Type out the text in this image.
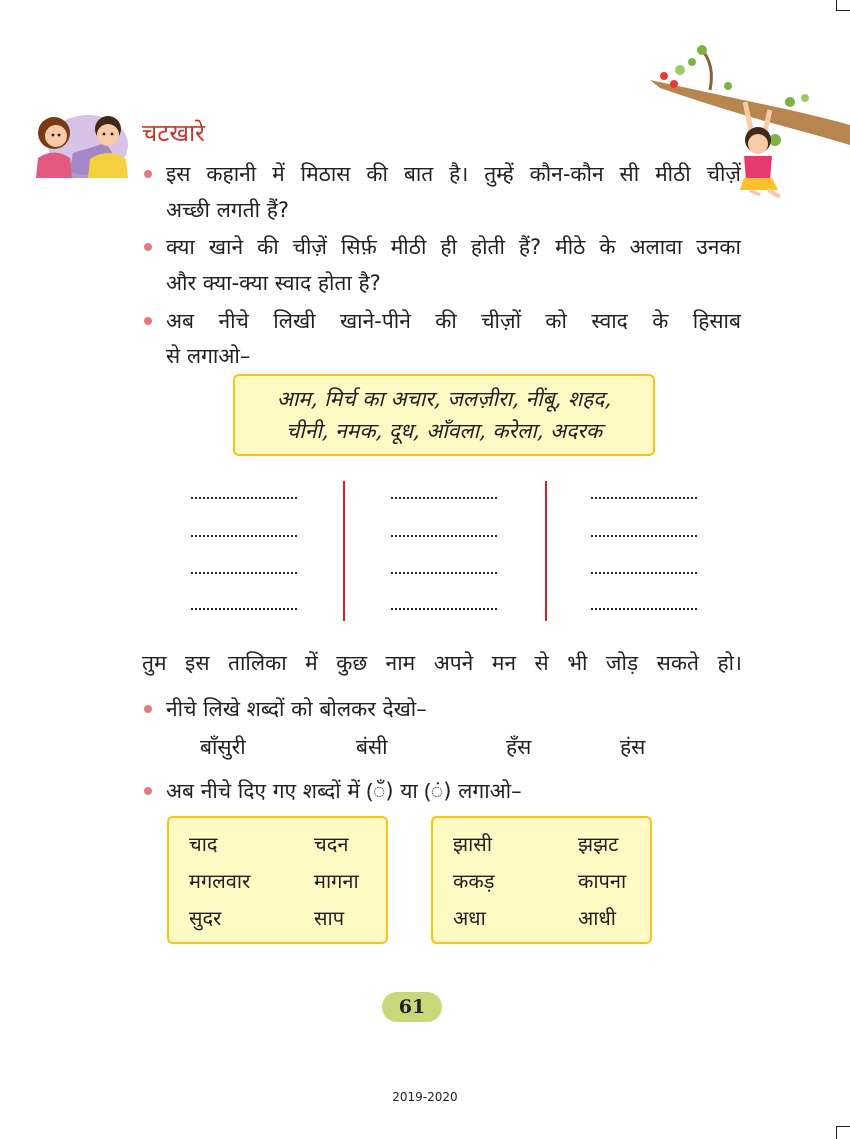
चटखारे

इस कहानी में मिठास की बात है। तुम्हें कौन-कौन सी मीठी चीज़ें

अच्छी लगती हैं?

क्या खाने की चीज़ें सिर्फ़ मीठी ही होती हैं? मीठे के अलावा उनका

और क्या-क्या स्वाद होता है?

अब नीचे लिखी खाने-पीने की चीज़ों को स्वाद के हिसाब

से लगाओ–

आम, मिर्च का अचार, जलज़ीरा, नींबू, शहद,
चीनी, नमक, दूध, आँवला, करेला, अदरक

तुम इस तालिका में कुछ नाम अपने मन से भी जोड़ सकते हो।

नीचे लिखे शब्दों को बोलकर देखो–

बाँसुरी	बंसी	हँस	हंस

अब नीचे दिए गए शब्दों में (ँ) या (ं) लगाओ–

चाद	चदन
मगलवार	मागना
सुदर	साप
झासी	झझट
ककड़	कापना
अधा	आधी
61
2019-2020
